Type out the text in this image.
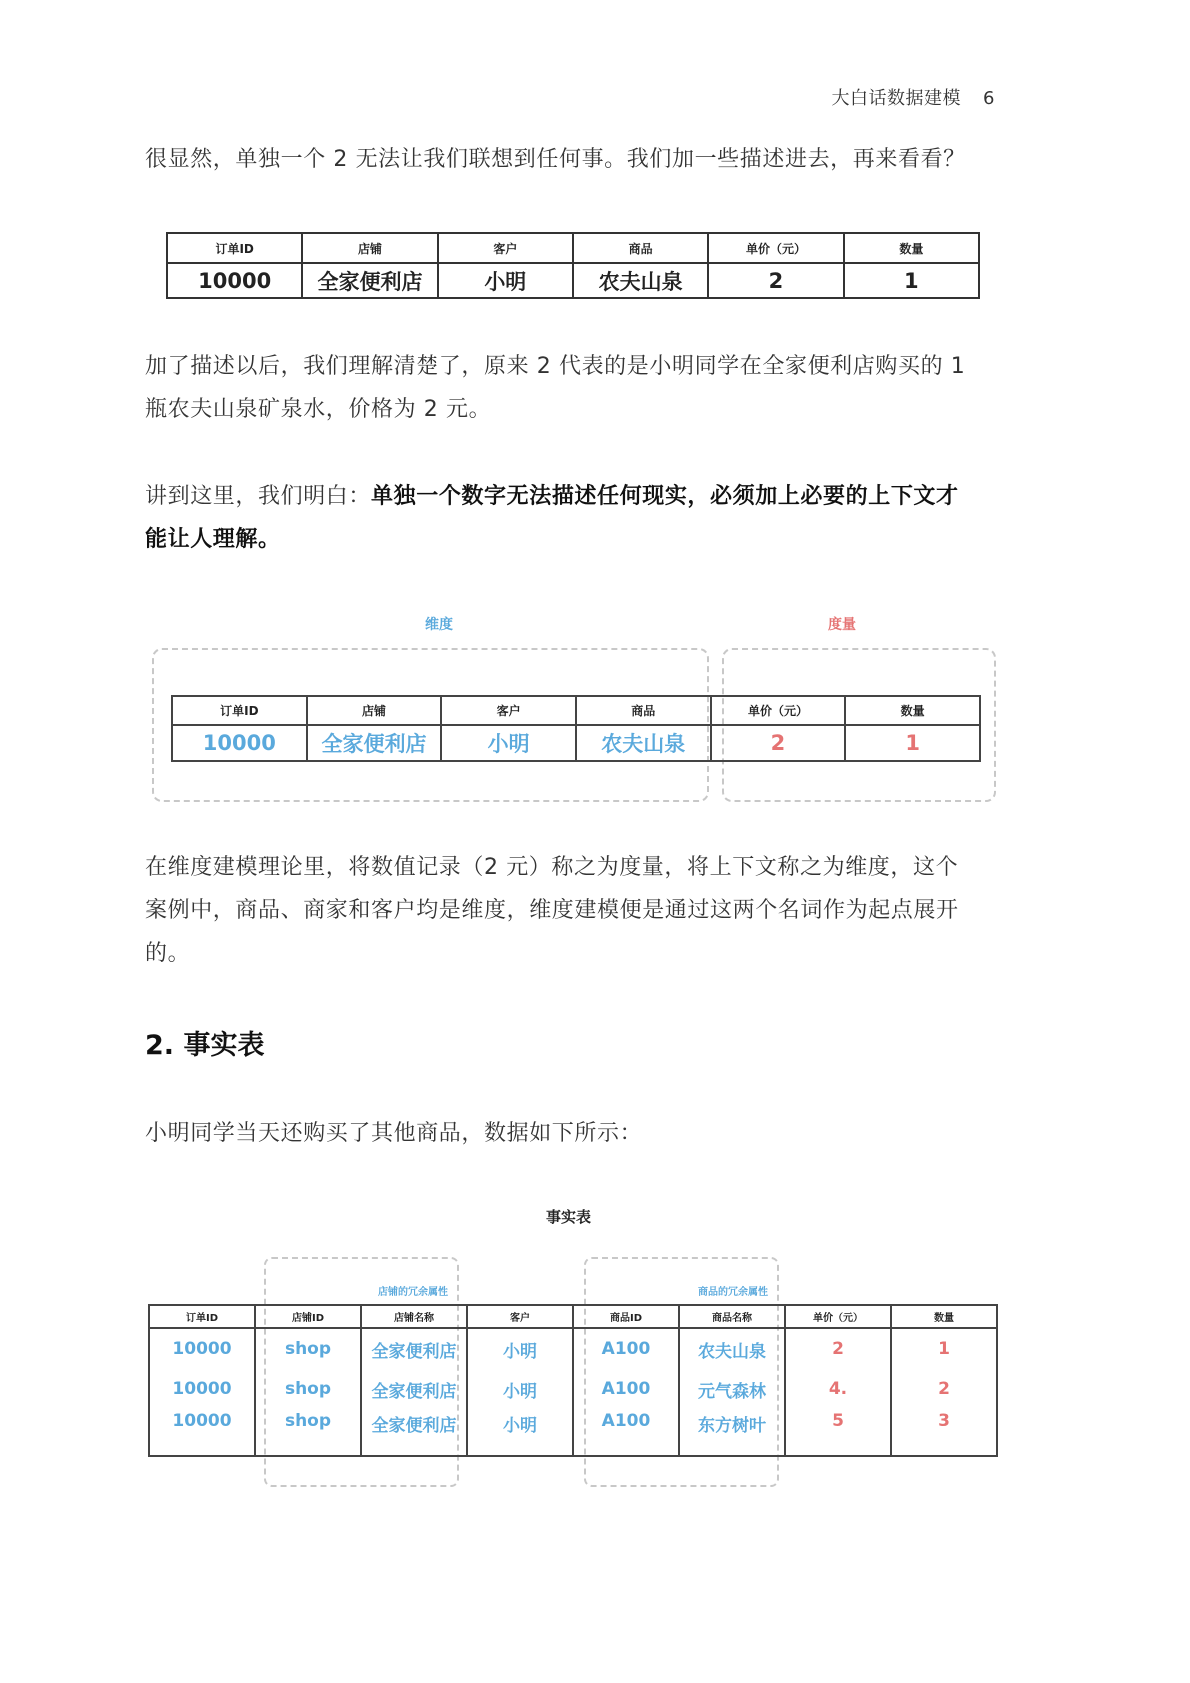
大白话数据建模 6
很显然，单独一个 2 无法让我们联想到任何事。我们加一些描述进去，再来看看？
订单ID	店铺	客户	商品	单价（元）	数量
10000	全家便利店	小明	农夫山泉	2	1
加了描述以后，我们理解清楚了，原来 2 代表的是小明同学在全家便利店购买的 1
瓶农夫山泉矿泉水，价格为 2 元。
讲到这里，我们明白：单独一个数字无法描述任何现实，必须加上必要的上下文才
能让人理解。
维度	度量
订单ID	店铺	客户	商品	单价（元）	数量
10000	全家便利店	小明	农夫山泉	2	1
在维度建模理论里，将数值记录（2 元）称之为度量，将上下文称之为维度，这个
案例中，商品、商家和客户均是维度，维度建模便是通过这两个名词作为起点展开
的。
2. 事实表
小明同学当天还购买了其他商品，数据如下所示：
事实表
店铺的冗余属性	商品的冗余属性
订单ID	店铺ID	店铺名称	客户	商品ID	商品名称	单价（元）	数量
10000	shop	全家便利店	小明	A100	农夫山泉	2	1
10000	shop	全家便利店	小明	A100	元气森林	4.	2
10000	shop	全家便利店	小明	A100	东方树叶	5	3
